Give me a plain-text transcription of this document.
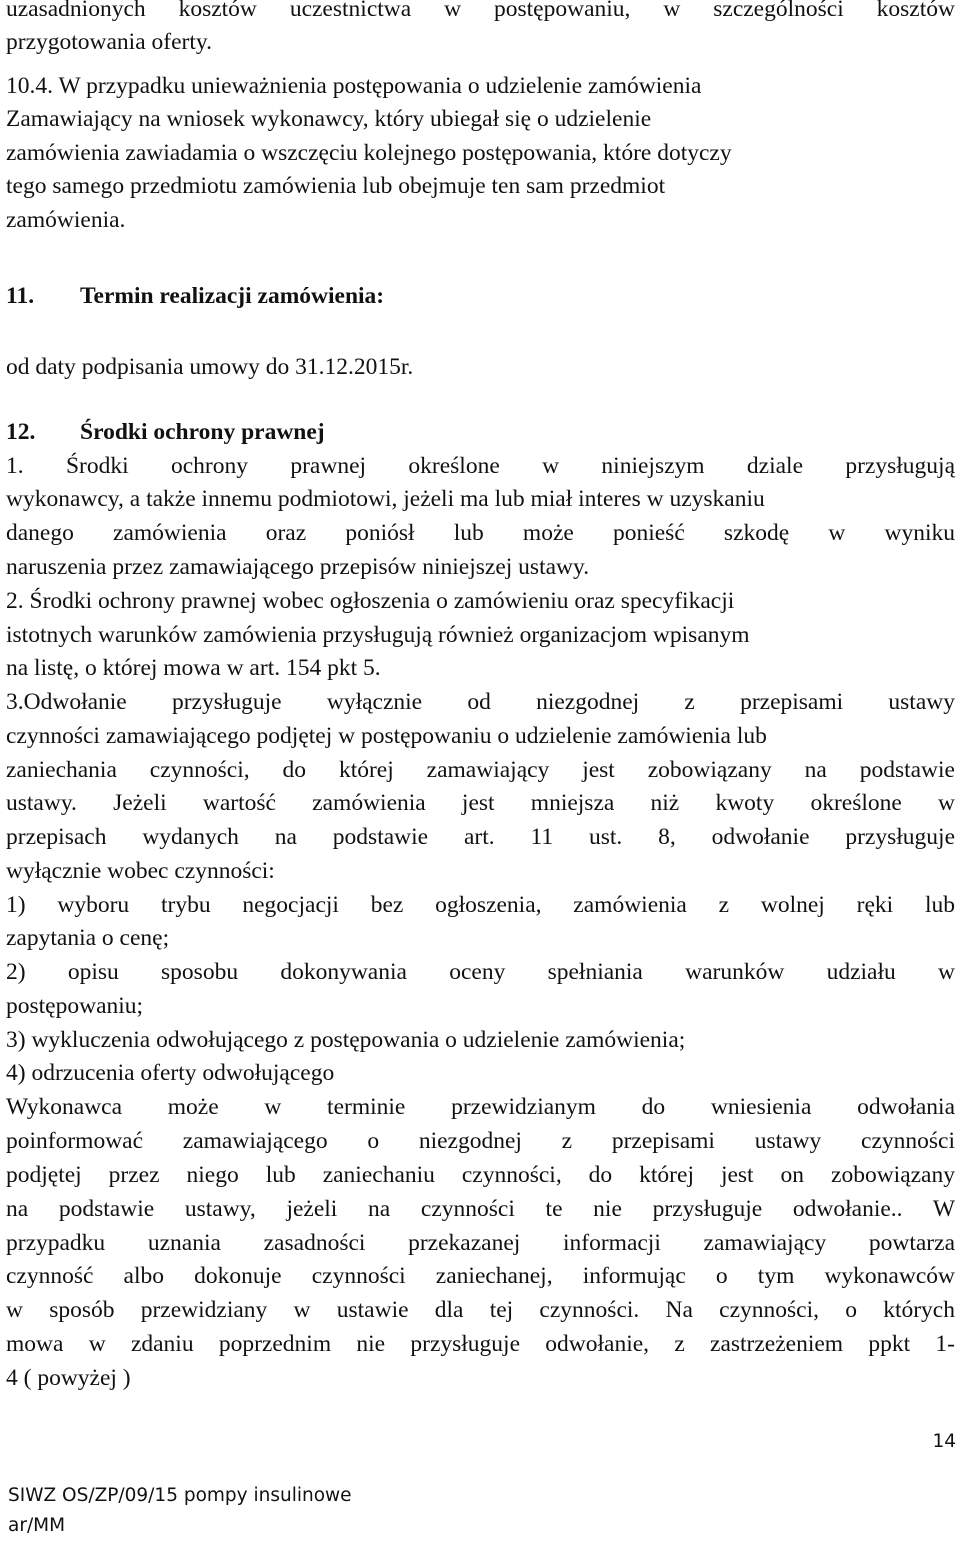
uzasadnionych kosztów uczestnictwa w postępowaniu, w szczególności kosztów
przygotowania oferty.
10.4. W przypadku unieważnienia postępowania o udzielenie zamówienia
Zamawiający na wniosek wykonawcy, który ubiegał się o udzielenie
zamówienia zawiadamia o wszczęciu kolejnego postępowania, które dotyczy
tego samego przedmiotu zamówienia lub obejmuje ten sam przedmiot
zamówienia.
11. Termin realizacji zamówienia:
od daty podpisania umowy do 31.12.2015r.
12. Środki ochrony prawnej
1. Środki ochrony prawnej określone w niniejszym dziale przysługują
wykonawcy, a także innemu podmiotowi, jeżeli ma lub miał interes w uzyskaniu
danego zamówienia oraz poniósł lub może ponieść szkodę w wyniku
naruszenia przez zamawiającego przepisów niniejszej ustawy.
2. Środki ochrony prawnej wobec ogłoszenia o zamówieniu oraz specyfikacji
istotnych warunków zamówienia przysługują również organizacjom wpisanym
na listę, o której mowa w art. 154 pkt 5.
3.Odwołanie przysługuje wyłącznie od niezgodnej z przepisami ustawy
czynności zamawiającego podjętej w postępowaniu o udzielenie zamówienia lub
zaniechania czynności, do której zamawiający jest zobowiązany na podstawie
ustawy. Jeżeli wartość zamówienia jest mniejsza niż kwoty określone w
przepisach wydanych na podstawie art. 11 ust. 8, odwołanie przysługuje
wyłącznie wobec czynności:
1) wyboru trybu negocjacji bez ogłoszenia, zamówienia z wolnej ręki lub
zapytania o cenę;
2) opisu sposobu dokonywania oceny spełniania warunków udziału w
postępowaniu;
3) wykluczenia odwołującego z postępowania o udzielenie zamówienia;
4) odrzucenia oferty odwołującego
Wykonawca może w terminie przewidzianym do wniesienia odwołania
poinformować zamawiającego o niezgodnej z przepisami ustawy czynności
podjętej przez niego lub zaniechaniu czynności, do której jest on zobowiązany
na podstawie ustawy, jeżeli na czynności te nie przysługuje odwołanie.. W
przypadku uznania zasadności przekazanej informacji zamawiający powtarza
czynność albo dokonuje czynności zaniechanej, informując o tym wykonawców
w sposób przewidziany w ustawie dla tej czynności. Na czynności, o których
mowa w zdaniu poprzednim nie przysługuje odwołanie, z zastrzeżeniem ppkt 1-
4 ( powyżej )
SIWZ OS/ZP/09/15 pompy insulinowe
ar/MM
14
